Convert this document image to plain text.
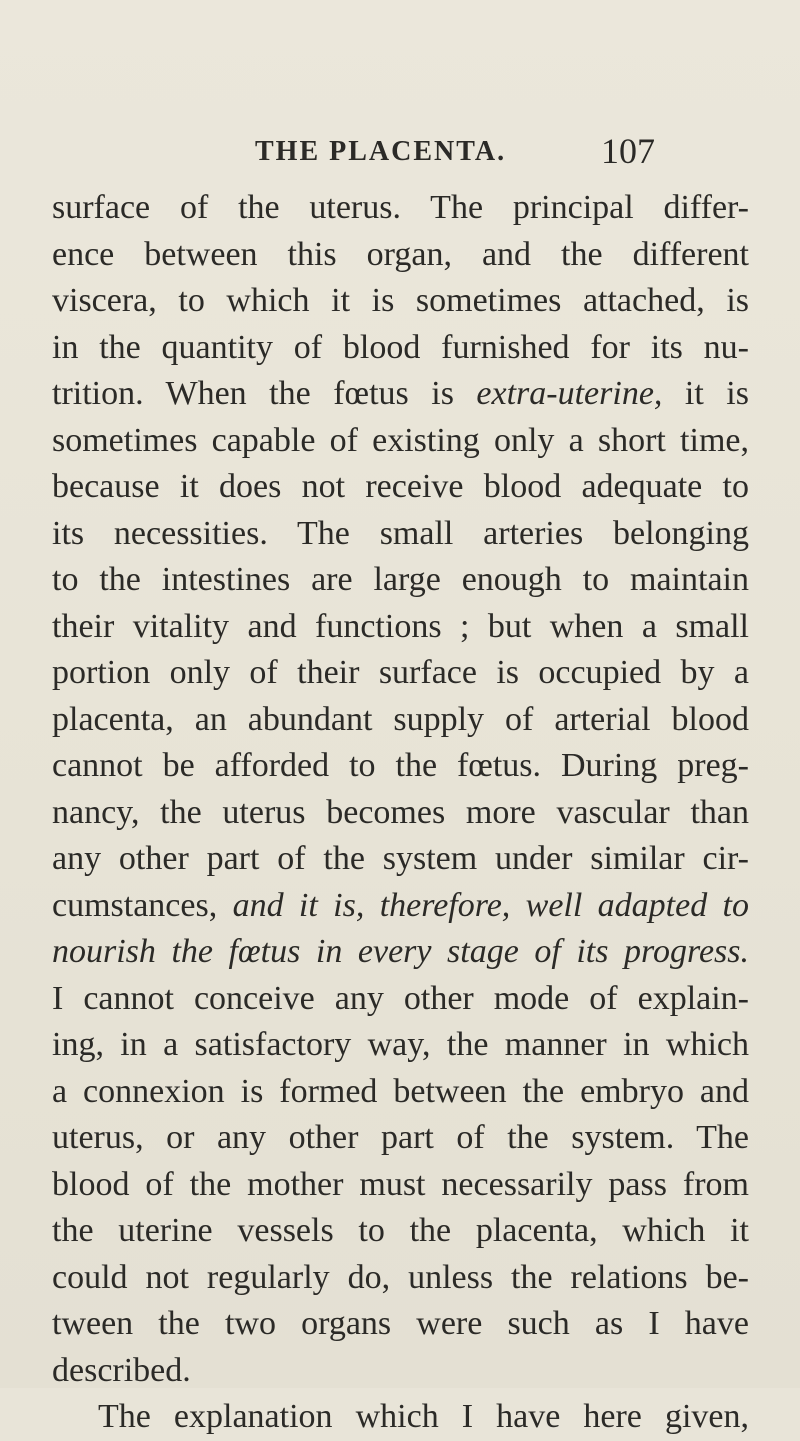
THE PLACENTA.	107
surface of the uterus. The principal differ-
ence between this organ, and the different
viscera, to which it is sometimes attached, is
in the quantity of blood furnished for its nu-
trition. When the fœtus is extra-uterine, it is
sometimes capable of existing only a short time,
because it does not receive blood adequate to
its necessities. The small arteries belonging
to the intestines are large enough to maintain
their vitality and functions ; but when a small
portion only of their surface is occupied by a
placenta, an abundant supply of arterial blood
cannot be afforded to the fœtus. During preg-
nancy, the uterus becomes more vascular than
any other part of the system under similar cir-
cumstances, and it is, therefore, well adapted to
nourish the fœtus in every stage of its progress.
I cannot conceive any other mode of explain-
ing, in a satisfactory way, the manner in which
a connexion is formed between the embryo and
uterus, or any other part of the system. The
blood of the mother must necessarily pass from
the uterine vessels to the placenta, which it
could not regularly do, unless the relations be-
tween the two organs were such as I have
described.
The explanation which I have here given,
